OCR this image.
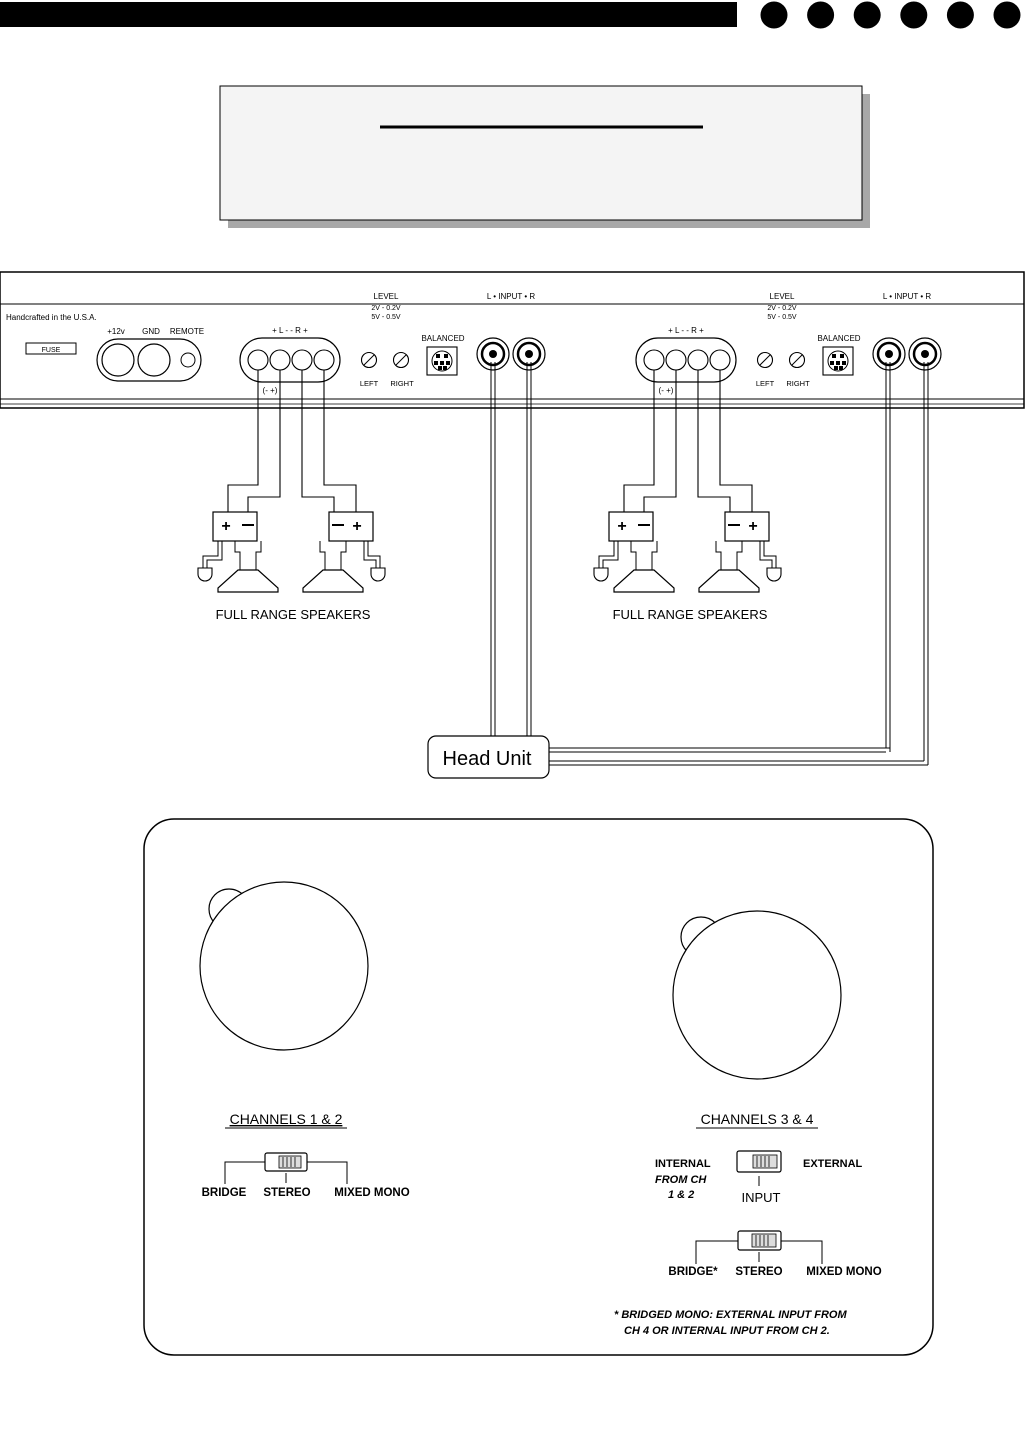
Handcrafted in the U.S.A.
FUSE
+12v GND REMOTE	+ L - - R +
(- +)
LEVEL
2V - 0.2V
5V - 0.5V
LEFT RIGHT
BALANCED
L • INPUT • R
+ L - - R +
(- +)
LEVEL
2V - 0.2V
5V - 0.5V
LEFT RIGHT
BALANCED
L • INPUT • R
+	+	+	+
FULL RANGE SPEAKERS	FULL RANGE SPEAKERS
Head Unit
CHANNELS 1 & 2
BRIDGE STEREO MIXED MONO
CHANNELS 3 & 4
INTERNAL
FROM CH
1 & 2
EXTERNAL
INPUT
BRIDGE* STEREO MIXED MONO
* BRIDGED MONO: EXTERNAL INPUT FROM
CH 4 OR INTERNAL INPUT FROM CH 2.
